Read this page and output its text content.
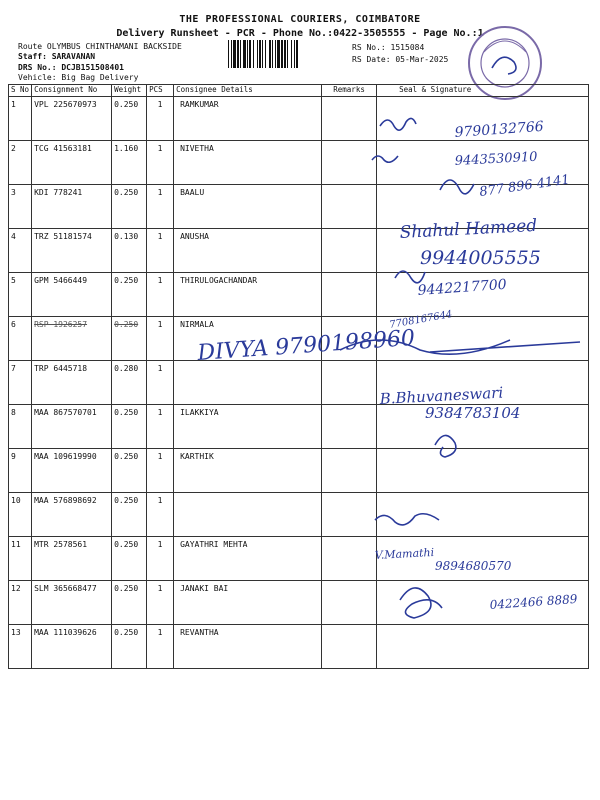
THE PROFESSIONAL COURIERS, COIMBATORE
Delivery Runsheet - PCR - Phone No.:0422-3505555 - Page No.:1
Route OLYMBUS CHINTHAMANI BACKSIDE
Staff: SARAVANAN
DRS No.: DCJB151508401
Vehicle: Big Bag Delivery
RS No.: 1515084
RS Date: 05-Mar-2025
S No	Consignment No	Weight	PCS	Consignee Details	Remarks	Seal & Signature
1	VPL 225670973	0.250	1	RAMKUMAR		
2	TCG 41563181	1.160	1	NIVETHA		
3	KDI 778241	0.250	1	BAALU		
4	TRZ 51181574	0.130	1	ANUSHA		
5	GPM 5466449	0.250	1	THIRULOGACHANDAR		
6	RSP 1926257	0.250	1	NIRMALA		
7	TRP 6445718	0.280	1			
8	MAA 867570701	0.250	1	ILAKKIYA		
9	MAA 109619990	0.250	1	KARTHIK		
10	MAA 576898692	0.250	1			
11	MTR 2578561	0.250	1	GAYATHRI MEHTA		
12	SLM 365668477	0.250	1	JANAKI BAI		
13	MAA 111039626	0.250	1	REVANTHA		
9790132766
9443530910
877 896 4141
Shahul Hameed
9944005555
9442217700
DIVYA 9790198960
7708167644
B.Bhuvaneswari
9384783104
V.Mamathi
9894680570
0422466 8889
